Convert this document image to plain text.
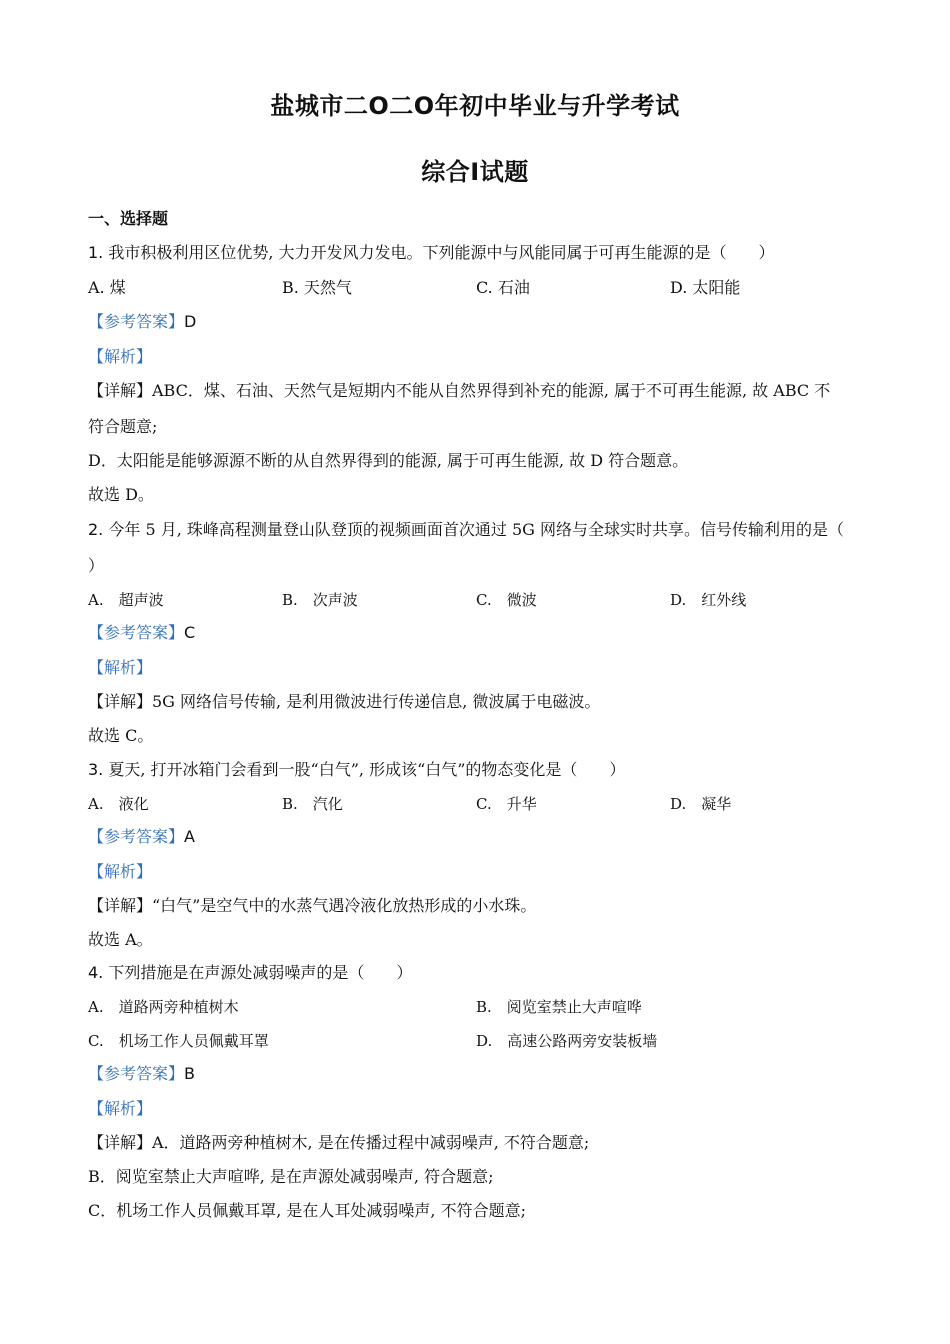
盐城市二O二O年初中毕业与升学考试
综合Ⅰ试题
一、选择题
1. 我市积极利用区位优势, 大力开发风力发电。下列能源中与风能同属于可再生能源的是（　　）
A. 煤	B. 天然气	C. 石油	D. 太阳能
【参考答案】D
【解析】
【详解】ABC．煤、石油、天然气是短期内不能从自然界得到补充的能源, 属于不可再生能源, 故 ABC 不
符合题意;
D．太阳能是能够源源不断的从自然界得到的能源, 属于可再生能源, 故 D 符合题意。
故选 D。
2. 今年 5 月, 珠峰高程测量登山队登顶的视频画面首次通过 5G 网络与全球实时共享。信号传输利用的是（
）
A.　超声波	B.　次声波	C.　微波	D.　红外线
【参考答案】C
【解析】
【详解】5G 网络信号传输, 是利用微波进行传递信息, 微波属于电磁波。
故选 C。
3. 夏天, 打开冰箱门会看到一股“白气”, 形成该“白气”的物态变化是（　　）
A.　液化	B.　汽化	C.　升华	D.　凝华
【参考答案】A
【解析】
【详解】“白气”是空气中的水蒸气遇冷液化放热形成的小水珠。
故选 A。
4. 下列措施是在声源处减弱噪声的是（　　）
A.　道路两旁种植树木	B.　阅览室禁止大声喧哗
C.　机场工作人员佩戴耳罩	D.　高速公路两旁安装板墙
【参考答案】B
【解析】
【详解】A．道路两旁种植树木, 是在传播过程中减弱噪声, 不符合题意;
B．阅览室禁止大声喧哗, 是在声源处减弱噪声, 符合题意;
C．机场工作人员佩戴耳罩, 是在人耳处减弱噪声, 不符合题意;
